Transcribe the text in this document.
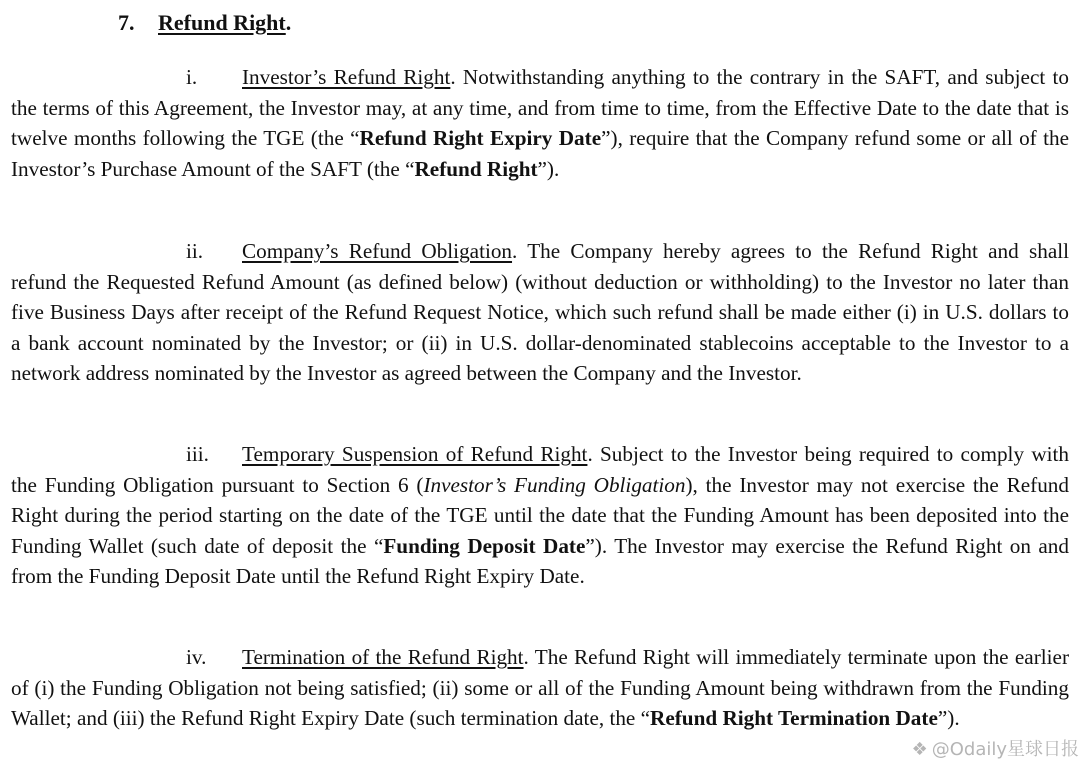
7. Refund Right.
i. Investor’s Refund Right. Notwithstanding anything to the contrary in the SAFT, and subject to the terms of this Agreement, the Investor may, at any time, and from time to time, from the Effective Date to the date that is twelve months following the TGE (the “Refund Right Expiry Date”), require that the Company refund some or all of the Investor’s Purchase Amount of the SAFT (the “Refund Right”).
ii. Company’s Refund Obligation. The Company hereby agrees to the Refund Right and shall refund the Requested Refund Amount (as defined below) (without deduction or withholding) to the Investor no later than five Business Days after receipt of the Refund Request Notice, which such refund shall be made either (i) in U.S. dollars to a bank account nominated by the Investor; or (ii) in U.S. dollar-denominated stablecoins acceptable to the Investor to a network address nominated by the Investor as agreed between the Company and the Investor.
iii. Temporary Suspension of Refund Right. Subject to the Investor being required to comply with the Funding Obligation pursuant to Section 6 (Investor’s Funding Obligation), the Investor may not exercise the Refund Right during the period starting on the date of the TGE until the date that the Funding Amount has been deposited into the Funding Wallet (such date of deposit the “Funding Deposit Date”). The Investor may exercise the Refund Right on and from the Funding Deposit Date until the Refund Right Expiry Date.
iv. Termination of the Refund Right. The Refund Right will immediately terminate upon the earlier of (i) the Funding Obligation not being satisfied; (ii) some or all of the Funding Amount being withdrawn from the Funding Wallet; and (iii) the Refund Right Expiry Date (such termination date, the “Refund Right Termination Date”).
❖ @Odaily星球日报
